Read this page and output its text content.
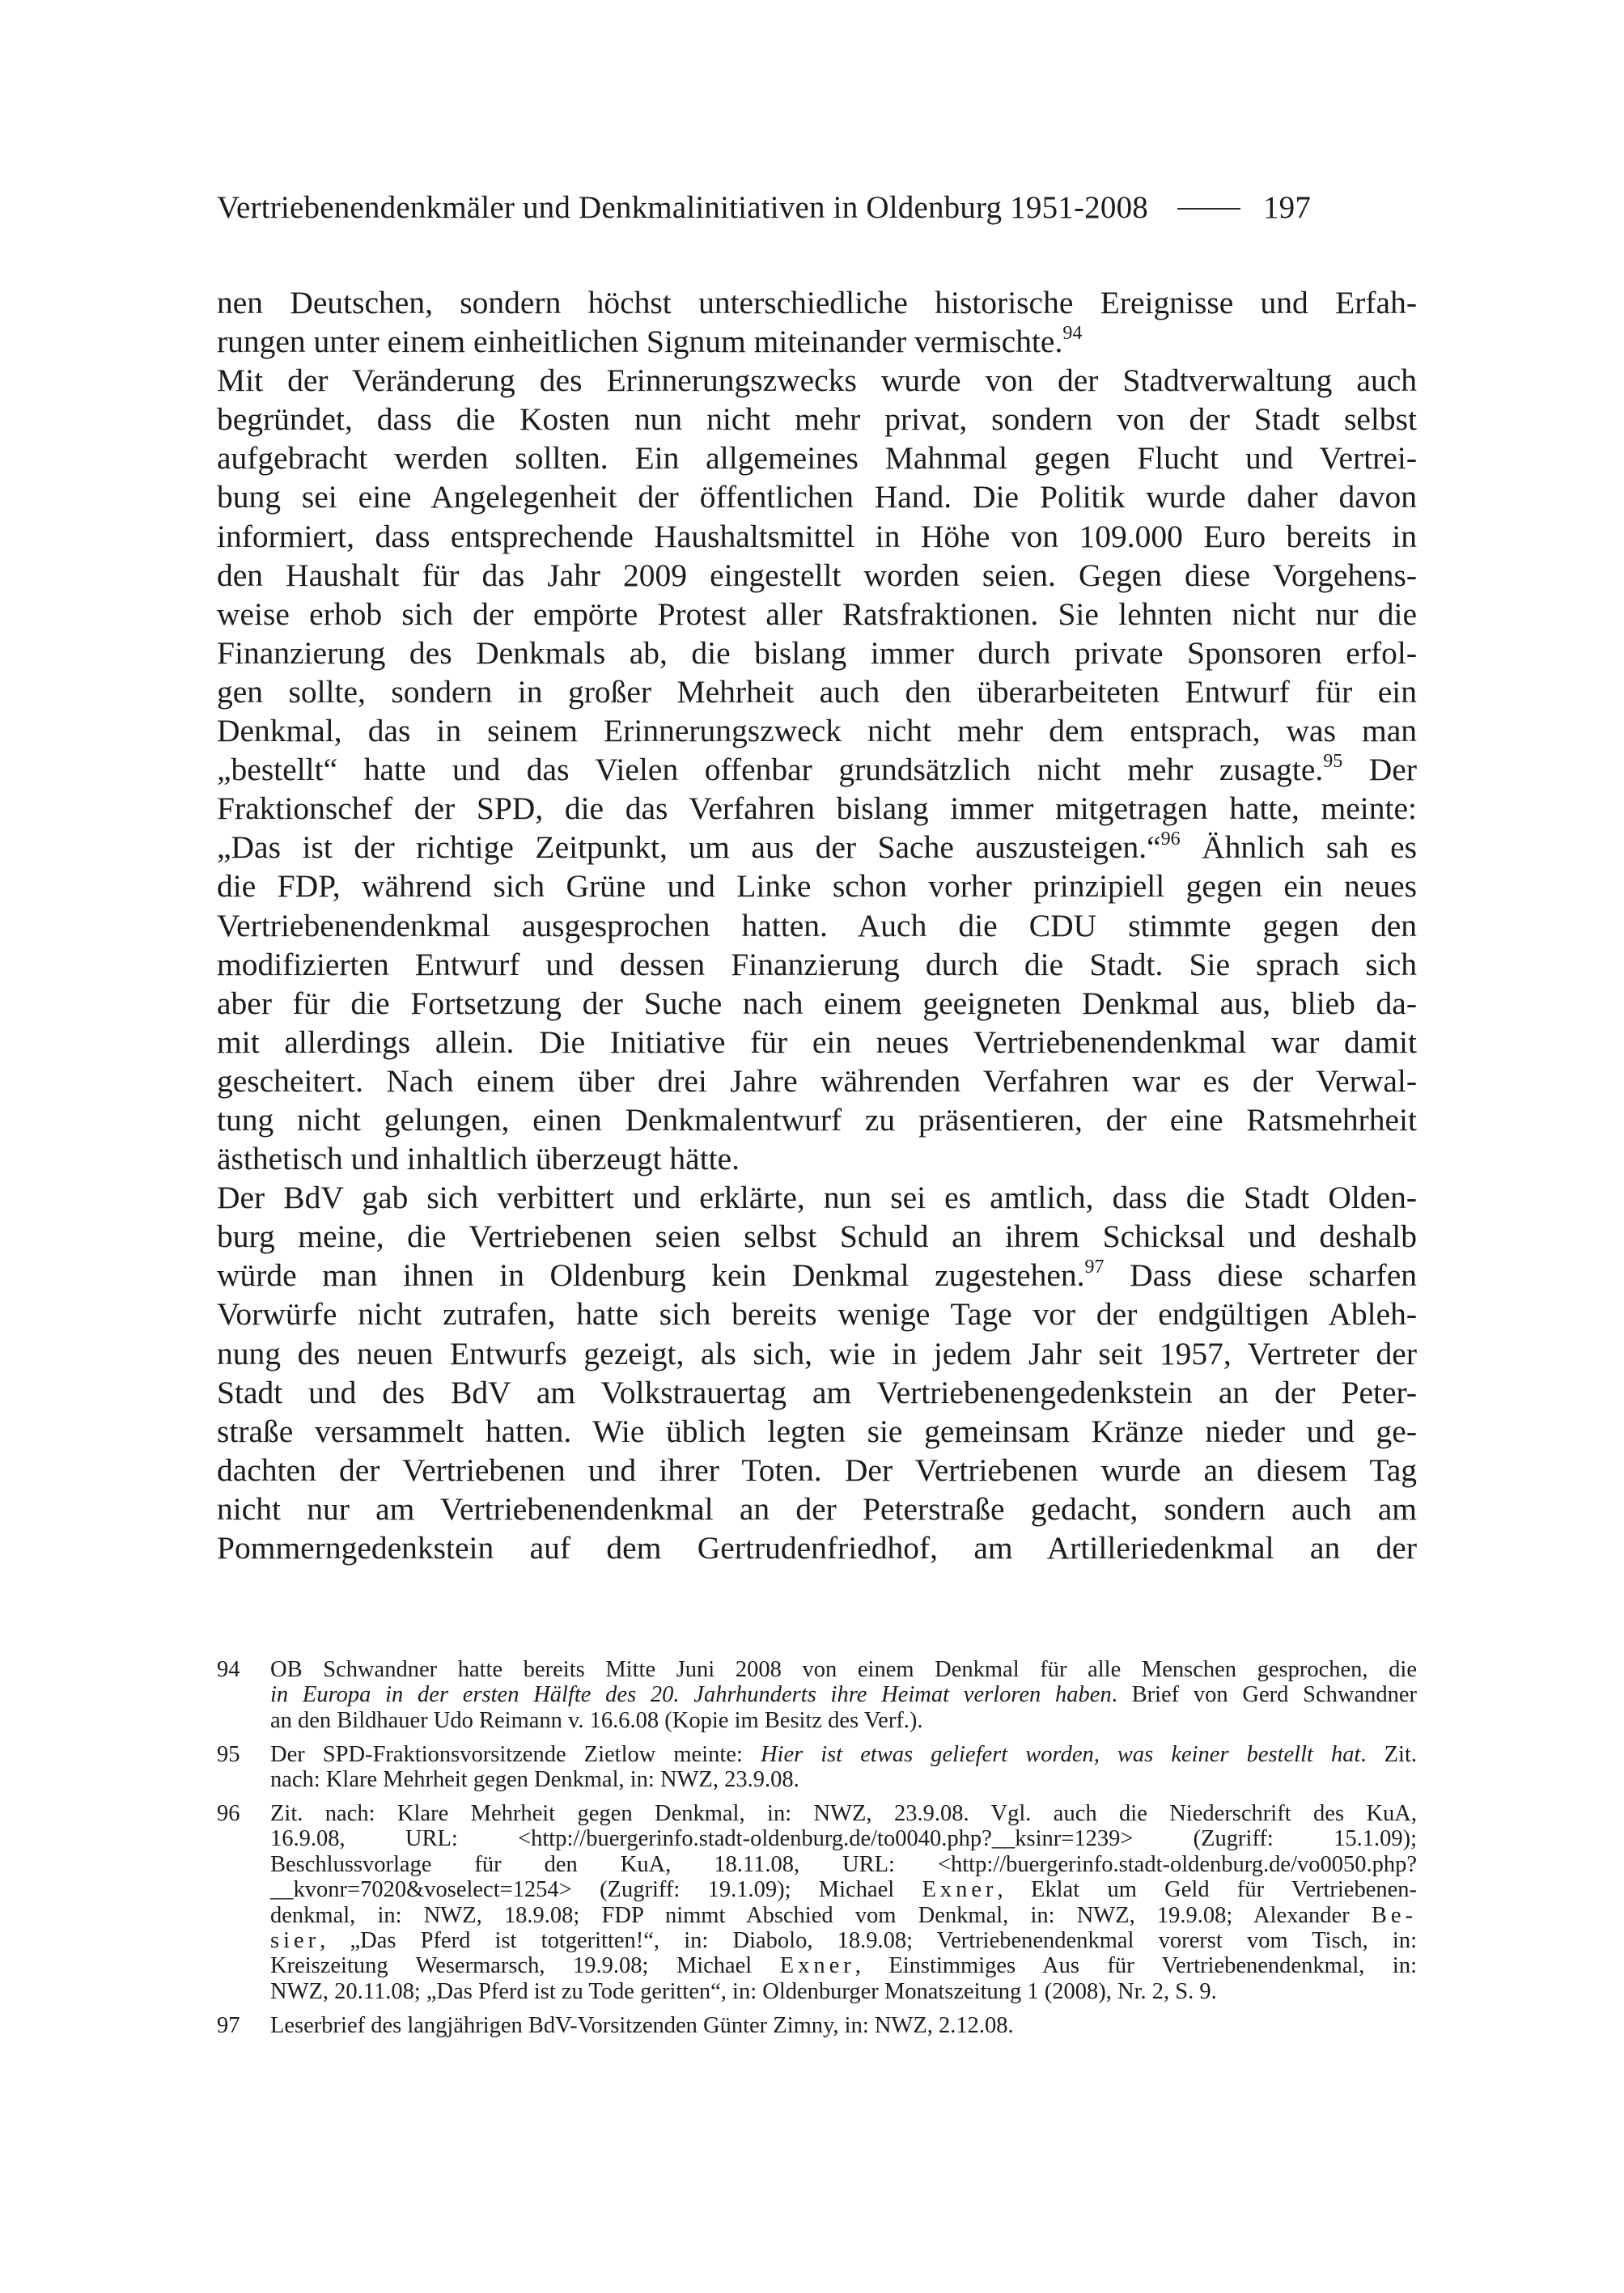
Vertriebenendenkmäler und Denkmalinitiativen in Oldenburg 1951-2008	197

nen Deutschen, sondern höchst unterschiedliche historische Ereignisse und Erfah-
rungen unter einem einheitlichen Signum miteinander vermischte.$^{94}$

Mit der Veränderung des Erinnerungszwecks wurde von der Stadtverwaltung auch
begründet, dass die Kosten nun nicht mehr privat, sondern von der Stadt selbst
aufgebracht werden sollten. Ein allgemeines Mahnmal gegen Flucht und Vertrei-
bung sei eine Angelegenheit der öffentlichen Hand. Die Politik wurde daher davon
informiert, dass entsprechende Haushaltsmittel in Höhe von 109.000 Euro bereits in
den Haushalt für das Jahr 2009 eingestellt worden seien. Gegen diese Vorgehens-
weise erhob sich der empörte Protest aller Ratsfraktionen. Sie lehnten nicht nur die
Finanzierung des Denkmals ab, die bislang immer durch private Sponsoren erfol-
gen sollte, sondern in großer Mehrheit auch den überarbeiteten Entwurf für ein
Denkmal, das in seinem Erinnerungszweck nicht mehr dem entsprach, was man
„bestellt“ hatte und das Vielen offenbar grundsätzlich nicht mehr zusagte.$^{95}$ Der
Fraktionschef der SPD, die das Verfahren bislang immer mitgetragen hatte, meinte:
„Das ist der richtige Zeitpunkt, um aus der Sache auszusteigen.“$^{96}$ Ähnlich sah es
die FDP, während sich Grüne und Linke schon vorher prinzipiell gegen ein neues
Vertriebenendenkmal ausgesprochen hatten. Auch die CDU stimmte gegen den
modifizierten Entwurf und dessen Finanzierung durch die Stadt. Sie sprach sich
aber für die Fortsetzung der Suche nach einem geeigneten Denkmal aus, blieb da-
mit allerdings allein. Die Initiative für ein neues Vertriebenendenkmal war damit
gescheitert. Nach einem über drei Jahre währenden Verfahren war es der Verwal-
tung nicht gelungen, einen Denkmalentwurf zu präsentieren, der eine Ratsmehrheit
ästhetisch und inhaltlich überzeugt hätte.

Der BdV gab sich verbittert und erklärte, nun sei es amtlich, dass die Stadt Olden-
burg meine, die Vertriebenen seien selbst Schuld an ihrem Schicksal und deshalb
würde man ihnen in Oldenburg kein Denkmal zugestehen.$^{97}$ Dass diese scharfen
Vorwürfe nicht zutrafen, hatte sich bereits wenige Tage vor der endgültigen Ableh-
nung des neuen Entwurfs gezeigt, als sich, wie in jedem Jahr seit 1957, Vertreter der
Stadt und des BdV am Volkstrauertag am Vertriebenengedenkstein an der Peter-
straße versammelt hatten. Wie üblich legten sie gemeinsam Kränze nieder und ge-
dachten der Vertriebenen und ihrer Toten. Der Vertriebenen wurde an diesem Tag
nicht nur am Vertriebenendenkmal an der Peterstraße gedacht, sondern auch am
Pommerngedenkstein auf dem Gertrudenfriedhof, am Artilleriedenkmal an der

94 OB Schwandner hatte bereits Mitte Juni 2008 von einem Denkmal für alle Menschen gesprochen, die
in Europa in der ersten Hälfte des 20. Jahrhunderts ihre Heimat verloren haben. Brief von Gerd Schwandner
an den Bildhauer Udo Reimann v. 16.6.08 (Kopie im Besitz des Verf.).
95 Der SPD-Fraktionsvorsitzende Zietlow meinte: Hier ist etwas geliefert worden, was keiner bestellt hat. Zit.
nach: Klare Mehrheit gegen Denkmal, in: NWZ, 23.9.08.
96 Zit. nach: Klare Mehrheit gegen Denkmal, in: NWZ, 23.9.08. Vgl. auch die Niederschrift des KuA,
16.9.08, URL: <http://buergerinfo.stadt-oldenburg.de/to0040.php?__ksinr=1239> (Zugriff: 15.1.09);
Beschlussvorlage für den KuA, 18.11.08, URL: <http://buergerinfo.stadt-oldenburg.de/vo0050.php?
__kvonr=7020&voselect=1254> (Zugriff: 19.1.09); Michael Exner, Eklat um Geld für Vertriebenen-
denkmal, in: NWZ, 18.9.08; FDP nimmt Abschied vom Denkmal, in: NWZ, 19.9.08; Alexander Be-
sier, „Das Pferd ist totgeritten!“, in: Diabolo, 18.9.08; Vertriebenendenkmal vorerst vom Tisch, in:
Kreiszeitung Wesermarsch, 19.9.08; Michael Exner, Einstimmiges Aus für Vertriebenendenkmal, in:
NWZ, 20.11.08; „Das Pferd ist zu Tode geritten“, in: Oldenburger Monatszeitung 1 (2008), Nr. 2, S. 9.
97 Leserbrief des langjährigen BdV-Vorsitzenden Günter Zimny, in: NWZ, 2.12.08.
